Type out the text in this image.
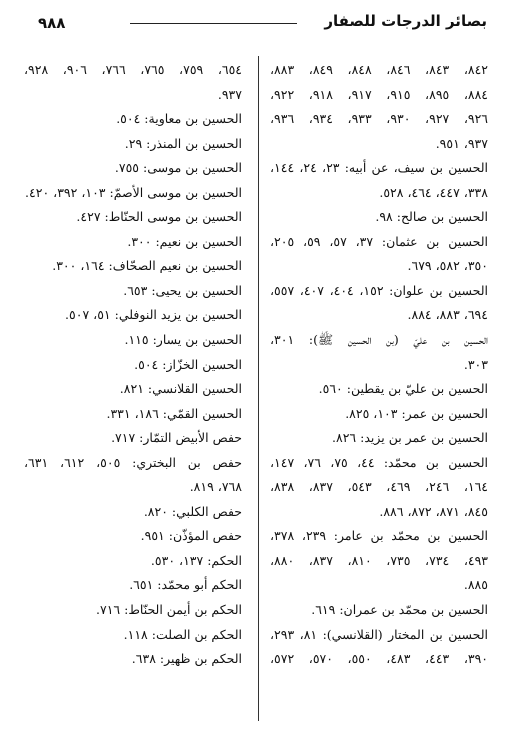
٩٨٨	بصائر الدرجات للصفار
٨٤٢، ٨٤٣، ٨٤٦، ٨٤٨، ٨٤٩، ٨٨٣،
٨٨٤، ٨٩٥، ٩١٥، ٩١٧، ٩١٨، ٩٢٢،
٩٢٦، ٩٢٧، ٩٣٠، ٩٣٣، ٩٣٤، ٩٣٦،
٩٣٧، ٩٥١.
الحسين بن سيف، عن أبيه: ٢٣، ٢٤، ١٤٤،
٣٣٨، ٤٤٧، ٤٦٤، ٥٢٨.
الحسين بن صالح: ٩٨.
الحسين بن عثمان: ٣٧، ٥٧، ٥٩، ٢٠٥،
٣٥٠، ٥٨٢، ٦٧٩.
الحسين بن علوان: ١٥٢، ٤٠٤، ٤٠٧، ٥٥٧،
٦٩٤، ٨٨٣، ٨٨٤.
الحسين بن عليّ (بن الحسين ﷺ): ٣٠١،
٣٠٣.
الحسين بن عليّ بن يقطين: ٥٦٠.
الحسين بن عمر: ١٠٣، ٨٢٥.
الحسين بن عمر بن يزيد: ٨٢٦.
الحسين بن محمّد: ٤٤، ٧٥، ٧٦، ١٤٧،
١٦٤، ٢٤٦، ٤٦٩، ٥٤٣، ٨٣٧، ٨٣٨،
٨٤٥، ٨٧١، ٨٧٢، ٨٨٦.
الحسين بن محمّد بن عامر: ٢٣٩، ٣٧٨،
٤٩٣، ٧٣٤، ٧٣٥، ٨١٠، ٨٣٧، ٨٨٠،
٨٨٥.
الحسين بن محمّد بن عمران: ٦١٩.
الحسين بن المختار (القلانسي): ٨١، ٢٩٣،
٣٩٠، ٤٤٣، ٤٨٣، ٥٥٠، ٥٧٠، ٥٧٢،
٦٥٤، ٧٥٩، ٧٦٥، ٧٦٦، ٩٠٦، ٩٢٨،
٩٣٧.
الحسين بن معاوية: ٥٠٤.
الحسين بن المنذر: ٢٩.
الحسين بن موسى: ٧٥٥.
الحسين بن موسى الأصمّ: ١٠٣، ٣٩٢، ٤٢٠.
الحسين بن موسى الحنّاط: ٤٢٧.
الحسين بن نعيم: ٣٠٠.
الحسين بن نعيم الصحّاف: ١٦٤، ٣٠٠.
الحسين بن يحيى: ٦٥٣.
الحسين بن يزيد النوفلي: ٥١، ٥٠٧.
الحسين بن يسار: ١١٥.
الحسين الخزّاز: ٥٠٤.
الحسين القلانسي: ٨٢١.
الحسين القمّي: ١٨٦، ٣٣١.
حفص الأبيض التمّار: ٧١٧.
حفص بن البختري: ٥٠٥، ٦١٢، ٦٣١،
٧٦٨، ٨١٩.
حفص الكلبي: ٨٢٠.
حفص المؤذّن: ٩٥١.
الحكم: ١٣٧، ٥٣٠.
الحكم أبو محمّد: ٦٥١.
الحكم بن أيمن الحنّاط: ٧١٦.
الحكم بن الصلت: ١١٨.
الحكم بن ظهير: ٦٣٨.
